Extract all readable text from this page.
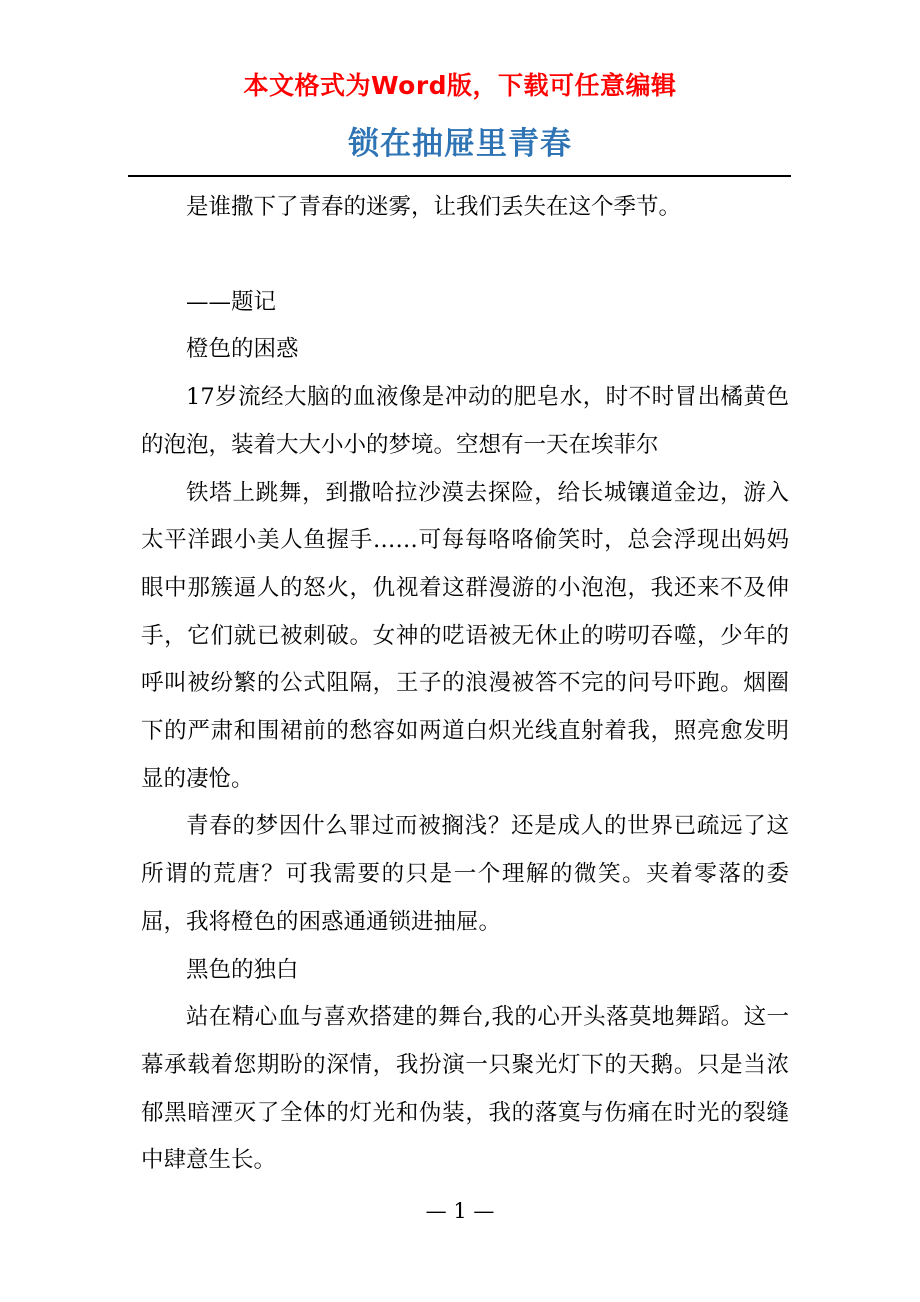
本文格式为Word版，下载可任意编辑
锁在抽屉里青春

是谁撒下了青春的迷雾，让我们丢失在这个季节。

——题记

橙色的困惑

17岁流经大脑的血液像是冲动的肥皂水，时不时冒出橘黄色的泡泡，装着大大小小的梦境。空想有一天在埃菲尔

铁塔上跳舞，到撒哈拉沙漠去探险，给长城镶道金边，游入太平洋跟小美人鱼握手……可每每咯咯偷笑时，总会浮现出妈妈眼中那簇逼人的怒火，仇视着这群漫游的小泡泡，我还来不及伸手，它们就已被刺破。女神的呓语被无休止的唠叨吞噬，少年的呼叫被纷繁的公式阻隔，王子的浪漫被答不完的问号吓跑。烟圈下的严肃和围裙前的愁容如两道白炽光线直射着我，照亮愈发明显的凄怆。

青春的梦因什么罪过而被搁浅？还是成人的世界已疏远了这所谓的荒唐？可我需要的只是一个理解的微笑。夹着零落的委屈，我将橙色的困惑通通锁进抽屉。

黑色的独白

站在精心血与喜欢搭建的舞台,我的心开头落莫地舞蹈。这一幕承载着您期盼的深情，我扮演一只聚光灯下的天鹅。只是当浓郁黑暗湮灭了全体的灯光和伪装，我的落寞与伤痛在时光的裂缝中肆意生长。

— 1 —
